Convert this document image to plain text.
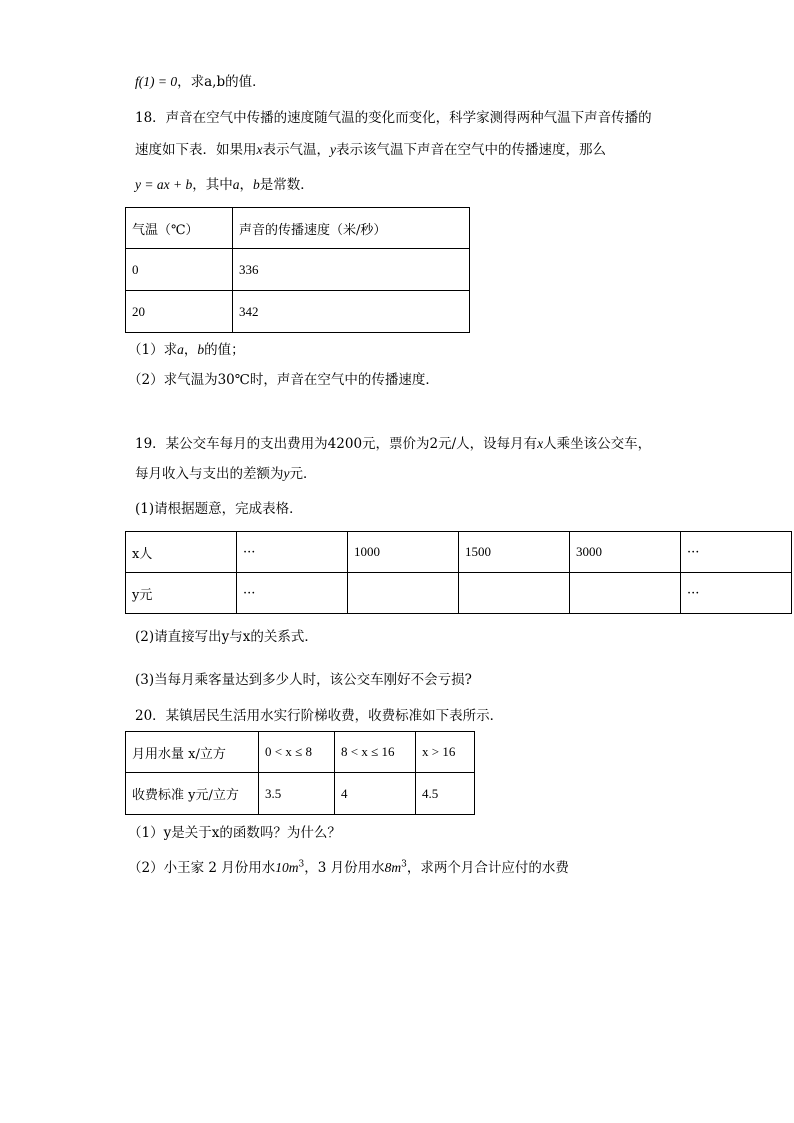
f(1) = 0，求a,b的值．
18．声音在空气中传播的速度随气温的变化而变化，科学家测得两种气温下声音传播的
速度如下表．如果用x表示气温，y表示该气温下声音在空气中的传播速度，那么
y = ax + b，其中a，b是常数．
气温（℃）	声音的传播速度（米/秒）
0	336
20	342
（1）求a，b的值；
（2）求气温为30℃时，声音在空气中的传播速度．
19．某公交车每月的支出费用为4200元，票价为2元/人，设每月有x人乘坐该公交车，
每月收入与支出的差额为y元．
(1)请根据题意，完成表格．
x人	···	1000	1500	3000	···
y元	···				···
(2)请直接写出y与x的关系式．
(3)当每月乘客量达到多少人时，该公交车刚好不会亏损?
20．某镇居民生活用水实行阶梯收费，收费标准如下表所示．
月用水量 x/立方	0 < x ≤ 8	8 < x ≤ 16	x > 16
收费标准 y元/立方	3.5	4	4.5
（1）y是关于x的函数吗？为什么？
（2）小王家 2 月份用水$10m^3$，3 月份用水$8m^3$，求两个月合计应付的水费
